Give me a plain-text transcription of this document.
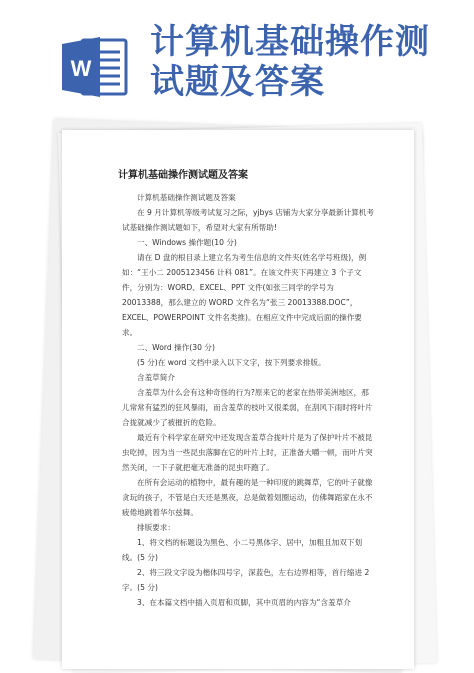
W
计算机基础操作测
试题及答案
计算机基础操作测试题及答案

计算机基础操作测试题及答案

在 9 月计算机等级考试复习之际，yjbys 店铺为大家分享最新计算机考试基础操作测试题如下，希望对大家有所帮助!

一、Windows 操作题(10 分)

请在 D 盘的根目录上建立名为考生信息的文件夹(姓名学号班级)，例如：“王小二 2005123456 计科 081”。在该文件夹下再建立 3 个子文件，分别为：WORD、EXCEL、PPT 文件(如张三同学的学号为 20013388，那么建立的 WORD 文件名为“张三 20013388.DOC”，EXCEL、POWERPOINT 文件名类推)。在相应文件中完成后面的操作要求。

二、Word 操作(30 分)

(5 分)在 word 文档中录入以下文字，按下列要求排版。

含羞草简介

含羞草为什么会有这种奇怪的行为?原来它的老家在热带美洲地区，那儿常常有猛烈的狂风暴雨，而含羞草的枝叶又很柔弱，在刮风下雨时将叶片合拢就减少了被摧折的危险。

最近有个科学家在研究中还发现含羞草合拢叶片是为了保护叶片不被昆虫吃掉，因为当一些昆虫落脚在它的叶片上时，正准备大嚼一顿，而叶片突然关闭，一下子就把毫无准备的昆虫吓跑了。

在所有会运动的植物中，最有趣的是一种印度的跳舞草，它的叶子就像贪玩的孩子，不管是白天还是黑夜，总是做着划圈运动，仿佛舞蹈家在永不疲倦地跳着华尔兹舞。

排版要求：

1、将文档的标题设为黑色、小二号黑体字、居中，加粗且加双下划线。(5 分)

2、将三段文字设为楷体四号字，深蓝色，左右边界相等，首行缩进 2 字。(5 分)

3、在本篇文档中插入页眉和页脚，其中页眉的内容为“含羞草介
